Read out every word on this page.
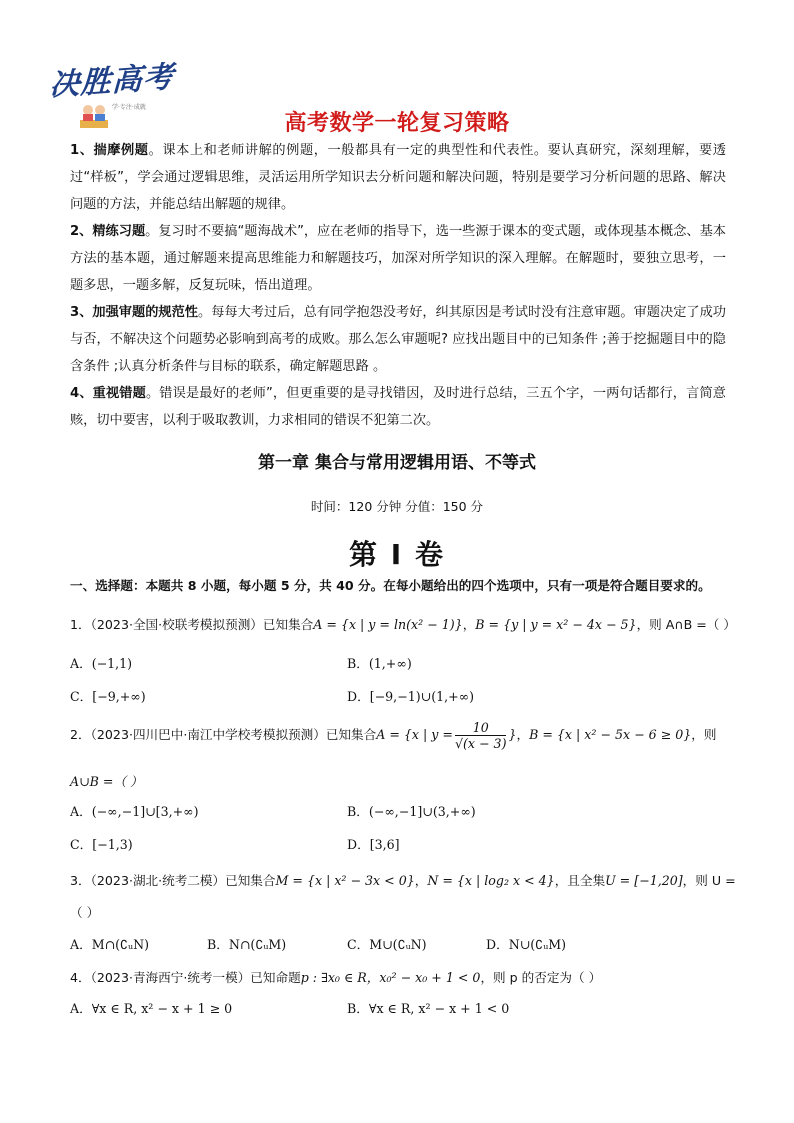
决胜高考
学·专注·成就
高考数学一轮复习策略

1、揣摩例题。课本上和老师讲解的例题，一般都具有一定的典型性和代表性。要认真研究，深刻理解，要透过“样板”，学会通过逻辑思维，灵活运用所学知识去分析问题和解决问题，特别是要学习分析问题的思路、解决问题的方法，并能总结出解题的规律。

2、精练习题。复习时不要搞“题海战术”，应在老师的指导下，选一些源于课本的变式题，或体现基本概念、基本方法的基本题，通过解题来提高思维能力和解题技巧，加深对所学知识的深入理解。在解题时，要独立思考，一题多思，一题多解，反复玩味，悟出道理。

3、加强审题的规范性。每每大考过后，总有同学抱怨没考好，纠其原因是考试时没有注意审题。审题决定了成功与否，不解决这个问题势必影响到高考的成败。那么怎么审题呢? 应找出题目中的已知条件 ;善于挖掘题目中的隐含条件 ;认真分析条件与目标的联系，确定解题思路 。

4、重视错题。错误是最好的老师”，但更重要的是寻找错因，及时进行总结，三五个字，一两句话都行，言简意赅，切中要害，以利于吸取教训，力求相同的错误不犯第二次。

第一章 集合与常用逻辑用语、不等式
时间：120 分钟 分值：150 分
第 I 卷
一、选择题：本题共 8 小题，每小题 5 分，共 40 分。在每小题给出的四个选项中，只有一项是符合题目要求的。
1．（2023·全国·校联考模拟预测）已知集合A = {x | y = ln(x² − 1)}，B = {y | y = x² − 4x − 5}，则 A∩B =（ ）
A．(−1,1)	B．(1,+∞)
C．[−9,+∞)	D．[−9,−1)∪(1,+∞)
2．（2023·四川巴中·南江中学校考模拟预测）已知集合A = {x | $y = \frac{10}{√(x - 3)}$ }，B = {x | x² − 5x − 6 ≥ 0}，则
A∪B =（ ）
A．(−∞,−1]∪[3,+∞)	B．(−∞,−1]∪(3,+∞)
C．[−1,3)	D．[3,6]
3．（2023·湖北·统考二模）已知集合M = {x | x² − 3x < 0}，N = {x | log₂ x < 4}，且全集U = [−1,20]，则 U =
（ ）
A．M∩(∁ᵤN)	B．N∩(∁ᵤM)	C．M∪(∁ᵤN)	D．N∪(∁ᵤM)
4．（2023·青海西宁·统考一模）已知命题p : ∃x₀ ∈ R，x₀² − x₀ + 1 < 0，则 p 的否定为（ ）
A．∀x ∈ R, x² − x + 1 ≥ 0	B．∀x ∈ R, x² − x + 1 < 0
